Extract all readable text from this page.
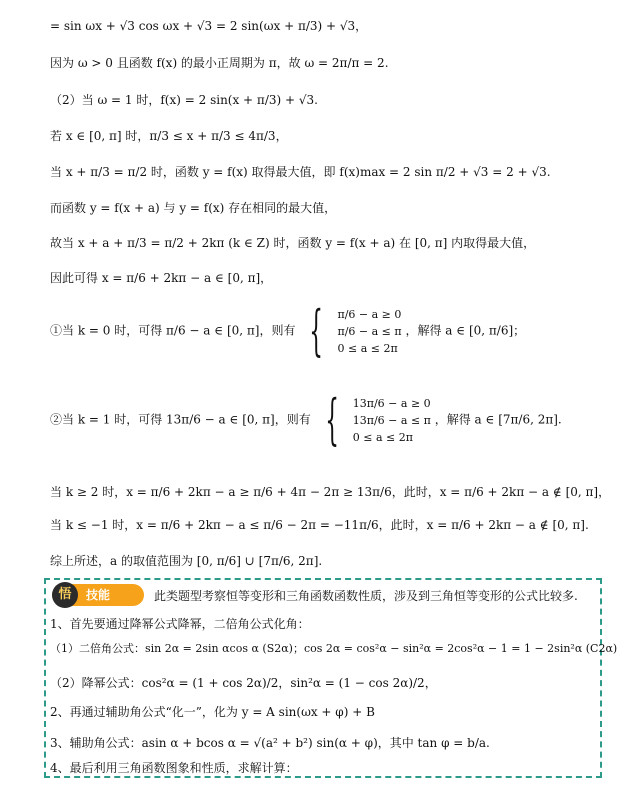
= sin ωx + √3 cos ωx + √3 = 2 sin(ωx + π/3) + √3，
因为 ω > 0 且函数 f(x) 的最小正周期为 π，故 ω = 2π/π = 2.
（2）当 ω = 1 时，f(x) = 2 sin(x + π/3) + √3.
若 x ∈ [0, π] 时，π/3 ≤ x + π/3 ≤ 4π/3，
当 x + π/3 = π/2 时，函数 y = f(x) 取得最大值，即 f(x)max = 2 sin π/2 + √3 = 2 + √3.
而函数 y = f(x + a) 与 y = f(x) 存在相同的最大值，
故当 x + a + π/3 = π/2 + 2kπ (k ∈ Z) 时，函数 y = f(x + a) 在 [0, π] 内取得最大值，
因此可得 x = π/6 + 2kπ − a ∈ [0, π]，
①当 k = 0 时，可得 π/6 − a ∈ [0, π]，则有 { π/6 − a ≥ 0
π/6 − a ≤ π
0 ≤ a ≤ 2π
，解得 a ∈ [0, π/6]；
②当 k = 1 时，可得 13π/6 − a ∈ [0, π]，则有 { 13π/6 − a ≥ 0
13π/6 − a ≤ π
0 ≤ a ≤ 2π
，解得 a ∈ [7π/6, 2π].
当 k ≥ 2 时，x = π/6 + 2kπ − a ≥ π/6 + 4π − 2π ≥ 13π/6，此时，x = π/6 + 2kπ − a ∉ [0, π]，
当 k ≤ −1 时，x = π/6 + 2kπ − a ≤ π/6 − 2π = −11π/6，此时，x = π/6 + 2kπ − a ∉ [0, π].
综上所述，a 的取值范围为 [0, π/6] ∪ [7π/6, 2π].
悟	技能	此类题型考察恒等变形和三角函数函数性质，涉及到三角恒等变形的公式比较多.
1、首先要通过降幂公式降幂，二倍角公式化角：
（1）二倍角公式：sin 2α = 2sin αcos α (S2α)；cos 2α = cos²α − sin²α = 2cos²α − 1 = 1 − 2sin²α (C2α)
（2）降幂公式：cos²α = (1 + cos 2α)/2，sin²α = (1 − cos 2α)/2，
2、再通过辅助角公式“化一”，化为 y = A sin(ωx + φ) + B
3、辅助角公式：asin α + bcos α = √(a² + b²) sin(α + φ)，其中 tan φ = b/a.
4、最后利用三角函数图象和性质，求解计算：
